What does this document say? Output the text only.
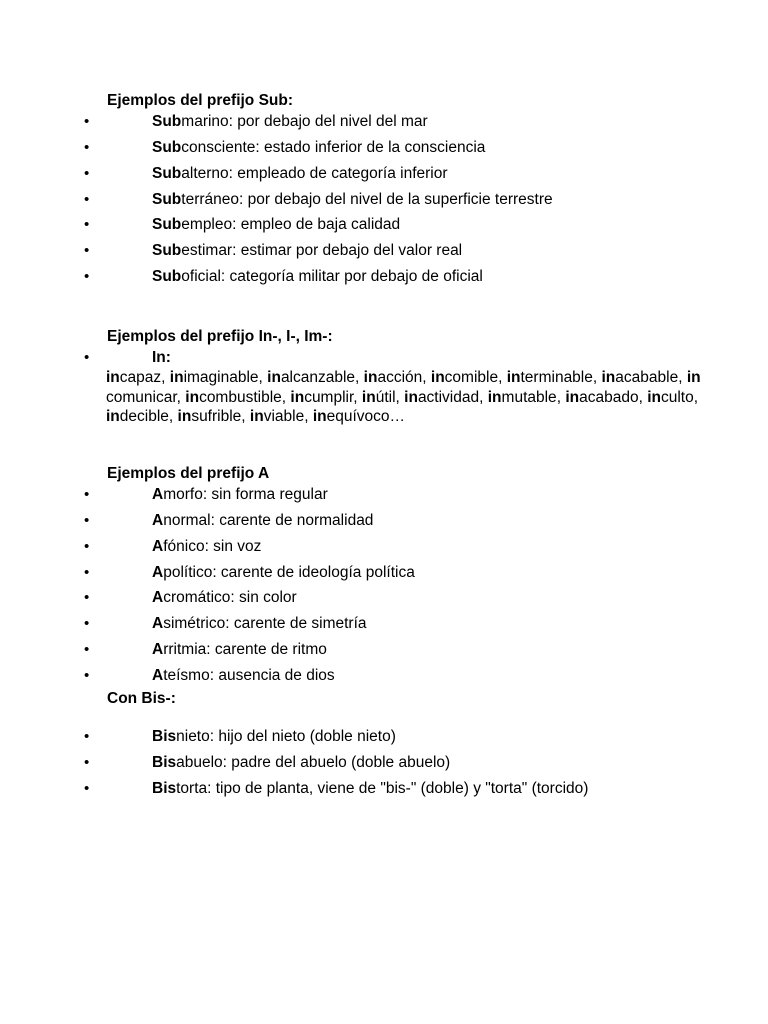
Ejemplos del prefijo Sub:
•	Submarino: por debajo del nivel del mar
•	Subconsciente: estado inferior de la consciencia
•	Subalterno: empleado de categoría inferior
•	Subterráneo: por debajo del nivel de la superficie terrestre
•	Subempleo: empleo de baja calidad
•	Subestimar: estimar por debajo del valor real
•	Suboficial: categoría militar por debajo de oficial
Ejemplos del prefijo In-, I-, Im-:
•	In:
incapaz, inimaginable, inalcanzable, inacción, incomible, interminable, inacabable, incomunicar, incombustible, incumplir, inútil, inactividad, inmutable, inacabado, inculto, indecible, insufrible, inviable, inequívoco…
Ejemplos del prefijo A
•	Amorfo: sin forma regular
•	Anormal: carente de normalidad
•	Afónico: sin voz
•	Apolítico: carente de ideología política
•	Acromático: sin color
•	Asimétrico: carente de simetría
•	Arritmia: carente de ritmo
•	Ateísmo: ausencia de dios
Con Bis-:
•	Bisnieto: hijo del nieto (doble nieto)
•	Bisabuelo: padre del abuelo (doble abuelo)
•	Bistorta: tipo de planta, viene de "bis-" (doble) y "torta" (torcido)
